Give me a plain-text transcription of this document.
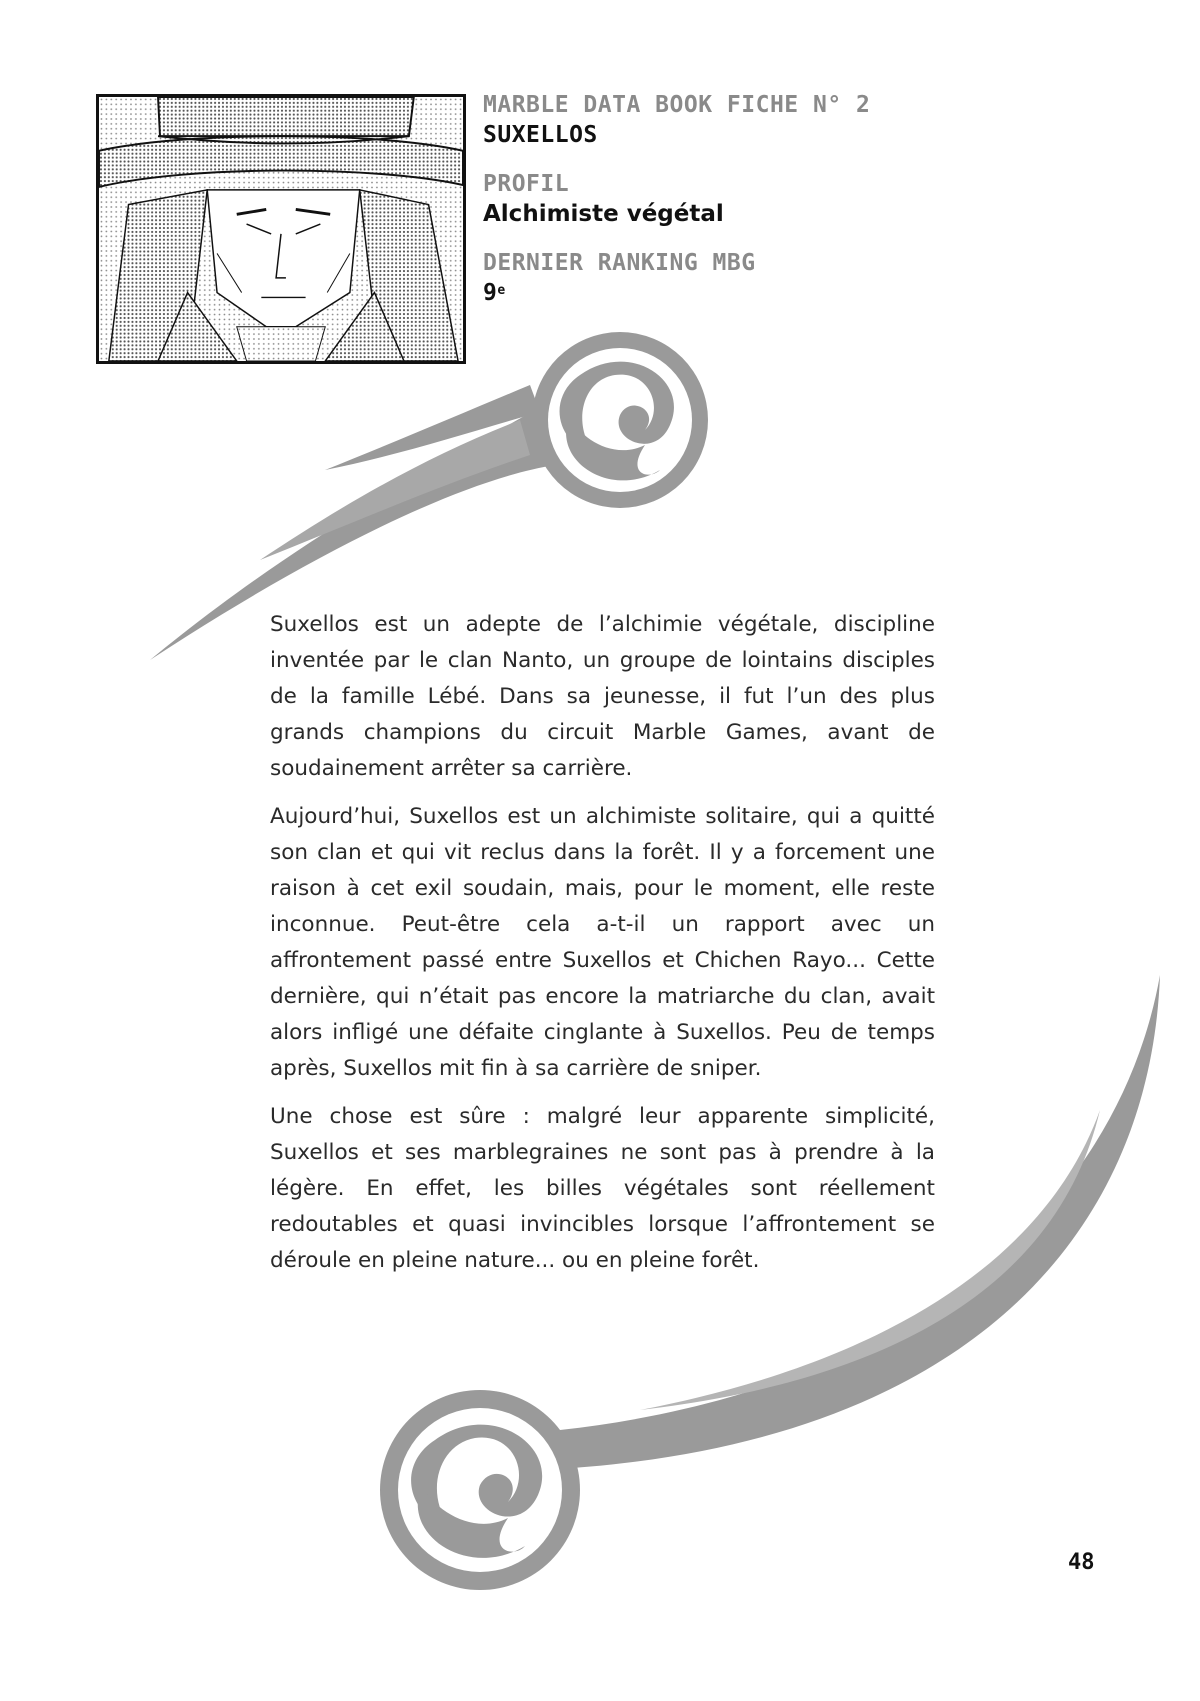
MARBLE DATA BOOK FICHE N° 2
SUXELLOS
PROFIL
Alchimiste végétal
DERNIER RANKING MBG
9e

Suxellos est un adepte de l’alchimie végétale, discipline inventée par le clan Nanto, un groupe de lointains disciples de la famille Lébé. Dans sa jeunesse, il fut l’un des plus grands champions du circuit Marble Games, avant de soudainement arrêter sa carrière.

Aujourd’hui, Suxellos est un alchimiste solitaire, qui a quitté son clan et qui vit reclus dans la forêt. Il y a forcement une raison à cet exil soudain, mais, pour le moment, elle reste inconnue. Peut-être cela a-t-il un rapport avec un affrontement passé entre Suxellos et Chichen Rayo... Cette dernière, qui n’était pas encore la matriarche du clan, avait alors infligé une défaite cinglante à Suxellos. Peu de temps après, Suxellos mit fin à sa carrière de sniper.

Une chose est sûre : malgré leur apparente simplicité, Suxellos et ses marblegraines ne sont pas à prendre à la légère. En effet, les billes végétales sont réellement redoutables et quasi invincibles lorsque l’affrontement se déroule en pleine nature... ou en pleine forêt.

48
